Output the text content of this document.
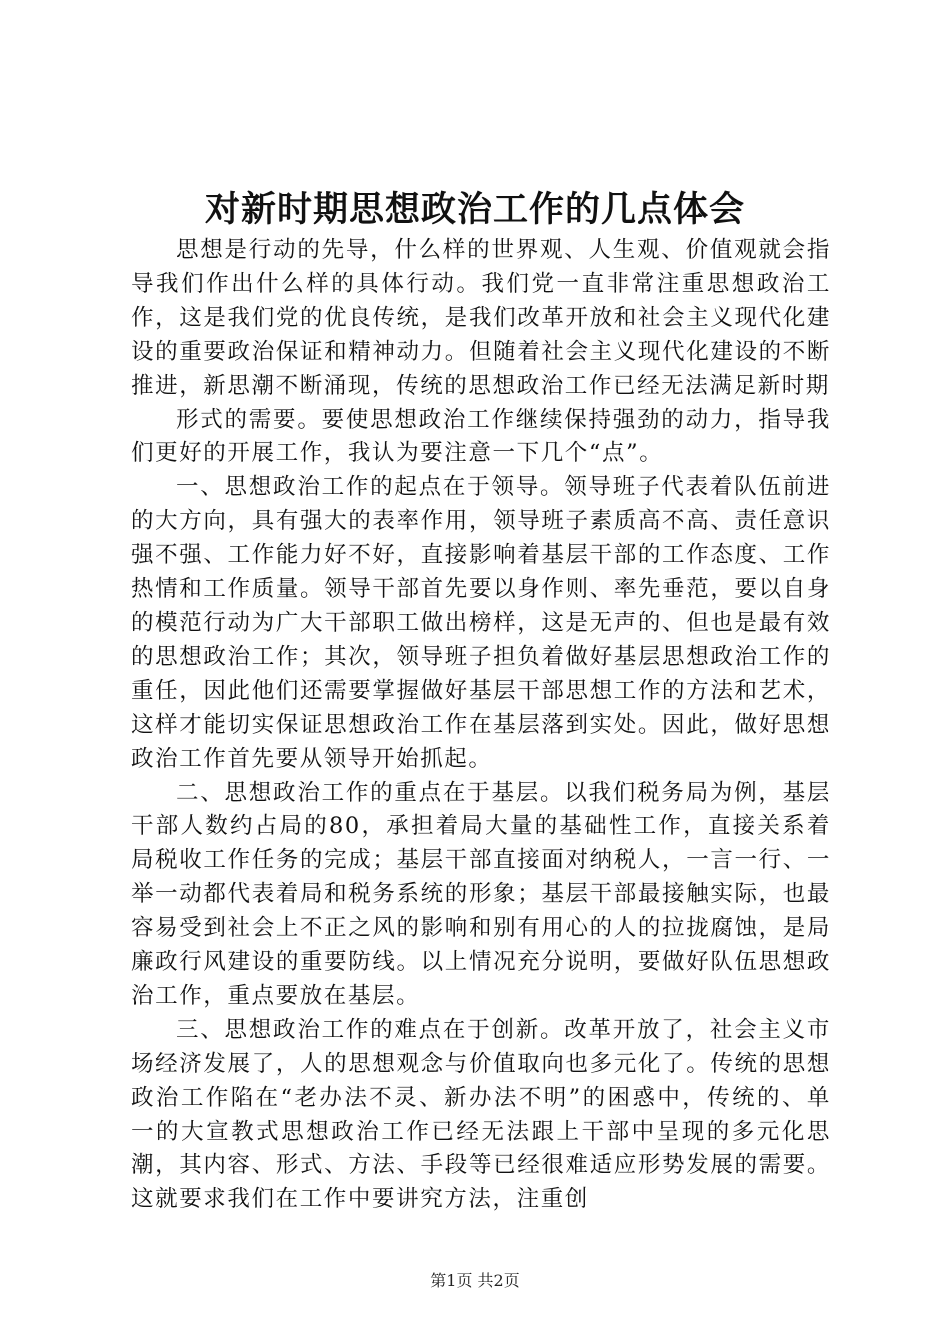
对新时期思想政治工作的几点体会

思想是行动的先导，什么样的世界观、人生观、价值观就会指导我们作出什么样的具体行动。我们党一直非常注重思想政治工作，这是我们党的优良传统，是我们改革开放和社会主义现代化建设的重要政治保证和精神动力。但随着社会主义现代化建设的不断推进，新思潮不断涌现，传统的思想政治工作已经无法满足新时期

形式的需要。要使思想政治工作继续保持强劲的动力，指导我们更好的开展工作，我认为要注意一下几个“点”。

一、思想政治工作的起点在于领导。领导班子代表着队伍前进的大方向，具有强大的表率作用，领导班子素质高不高、责任意识强不强、工作能力好不好，直接影响着基层干部的工作态度、工作热情和工作质量。领导干部首先要以身作则、率先垂范，要以自身的模范行动为广大干部职工做出榜样，这是无声的、但也是最有效的思想政治工作；其次，领导班子担负着做好基层思想政治工作的重任，因此他们还需要掌握做好基层干部思想工作的方法和艺术，这样才能切实保证思想政治工作在基层落到实处。因此，做好思想政治工作首先要从领导开始抓起。

二、思想政治工作的重点在于基层。以我们税务局为例，基层干部人数约占局的80，承担着局大量的基础性工作，直接关系着局税收工作任务的完成；基层干部直接面对纳税人，一言一行、一举一动都代表着局和税务系统的形象；基层干部最接触实际，也最容易受到社会上不正之风的影响和别有用心的人的拉拢腐蚀，是局廉政行风建设的重要防线。以上情况充分说明，要做好队伍思想政治工作，重点要放在基层。

三、思想政治工作的难点在于创新。改革开放了，社会主义市场经济发展了，人的思想观念与价值取向也多元化了。传统的思想政治工作陷在“老办法不灵、新办法不明”的困惑中，传统的、单一的大宣教式思想政治工作已经无法跟上干部中呈现的多元化思潮，其内容、形式、方法、手段等已经很难适应形势发展的需要。这就要求我们在工作中要讲究方法，注重创

第1页 共2页
